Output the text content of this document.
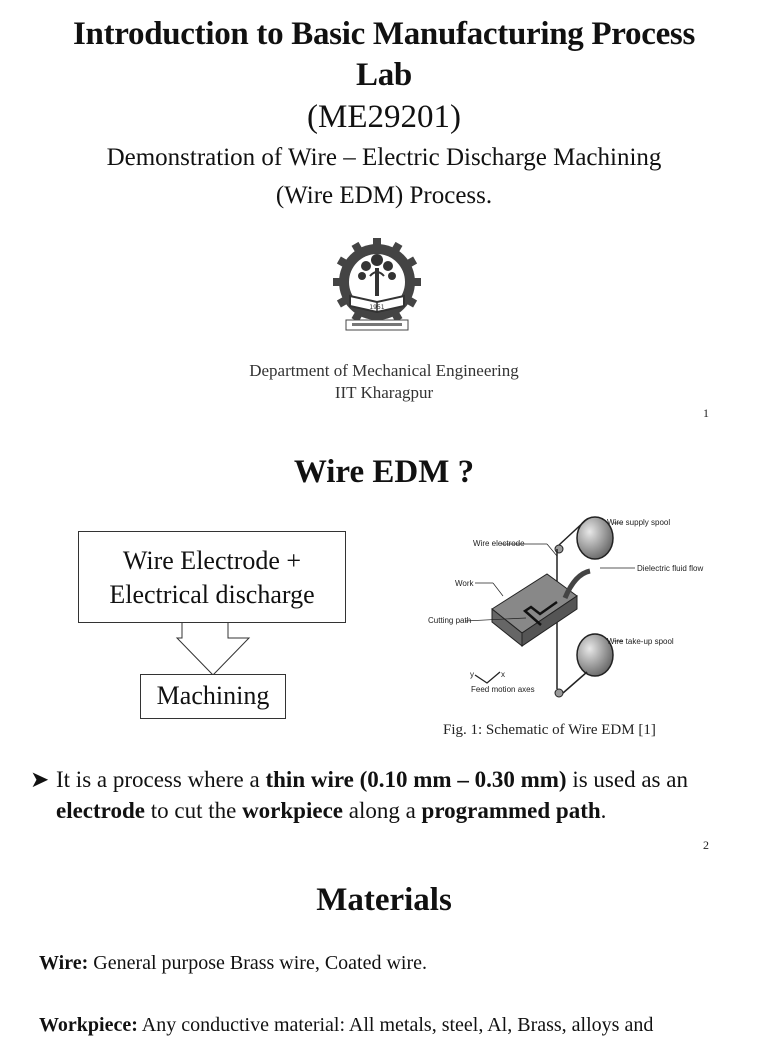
Introduction to Basic Manufacturing Process
Lab
(ME29201)
Demonstration of Wire – Electric Discharge Machining
(Wire EDM) Process.
1951
Department of Mechanical Engineering
IIT Kharagpur
1
Wire EDM ?
Wire Electrode +
Electrical discharge
Machining
Wire supply spool
Wire electrode
Dielectric fluid flow
Work
Cutting path
Wire take-up spool
y	x
Feed motion axes
Fig. 1: Schematic of Wire EDM [1]
➤ It is a process where a thin wire (0.10 mm – 0.30 mm) is used as an electrode to cut the workpiece along a programmed path.
2
Materials
Wire: General purpose Brass wire, Coated wire.
Workpiece: Any conductive material: All metals, steel, Al, Brass, alloys and
